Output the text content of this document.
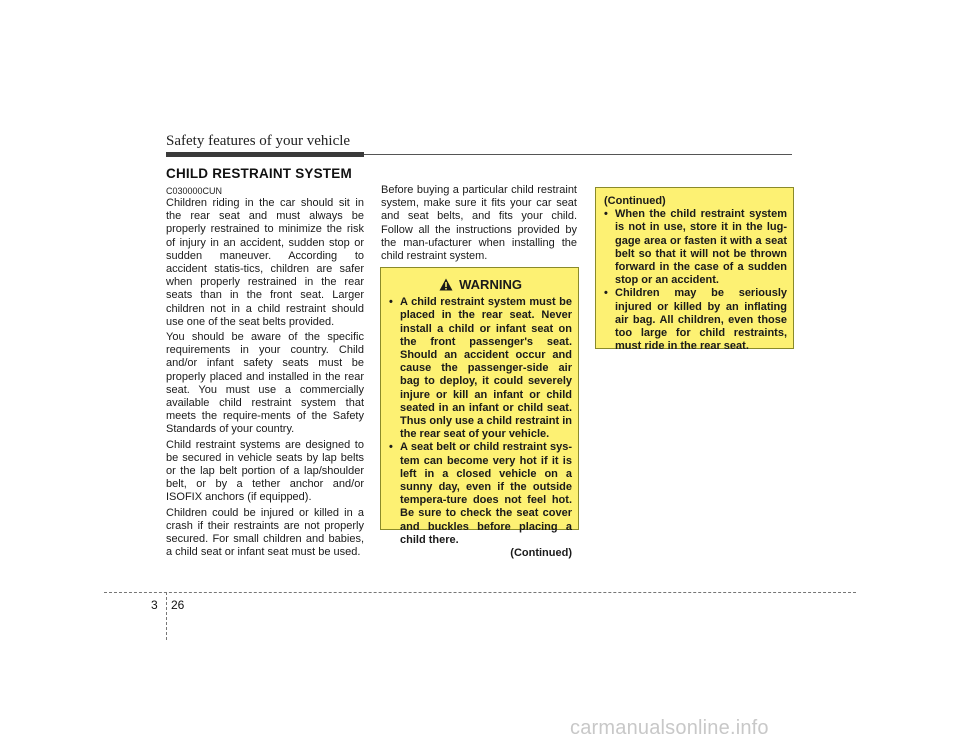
Safety features of your vehicle
CHILD RESTRAINT SYSTEM
C030000CUN

Children riding in the car should sit in the rear seat and must always be properly restrained to minimize the risk of injury in an accident, sudden stop or sudden maneuver. According to accident statis-tics, children are safer when properly restrained in the rear seats than in the front seat. Larger children not in a child restraint should use one of the seat belts provided.

You should be aware of the specific requirements in your country. Child and/or infant safety seats must be properly placed and installed in the rear seat. You must use a commercially available child restraint system that meets the require-ments of the Safety Standards of your country.

Child restraint systems are designed to be secured in vehicle seats by lap belts or the lap belt portion of a lap/shoulder belt, or by a tether anchor and/or ISOFIX anchors (if equipped).

Children could be injured or killed in a crash if their restraints are not properly secured. For small children and babies, a child seat or infant seat must be used.

Before buying a particular child restraint system, make sure it fits your car seat and seat belts, and fits your child. Follow all the instructions provided by the man-ufacturer when installing the child restraint system.

WARNING
• A child restraint system must be placed in the rear seat. Never install a child or infant seat on the front passenger's seat. Should an accident occur and cause the passenger-side air bag to deploy, it could severely injure or kill an infant or child seated in an infant or child seat. Thus only use a child restraint in the rear seat of your vehicle.
• A seat belt or child restraint sys-tem can become very hot if it is left in a closed vehicle on a sunny day, even if the outside tempera-ture does not feel hot. Be sure to check the seat cover and buckles before placing a child there.
(Continued)
(Continued)
• When the child restraint system is not in use, store it in the lug-gage area or fasten it with a seat belt so that it will not be thrown forward in the case of a sudden stop or an accident.
• Children may be seriously injured or killed by an inflating air bag. All children, even those too large for child restraints, must ride in the rear seat.
3 26
carmanualsonline.info
